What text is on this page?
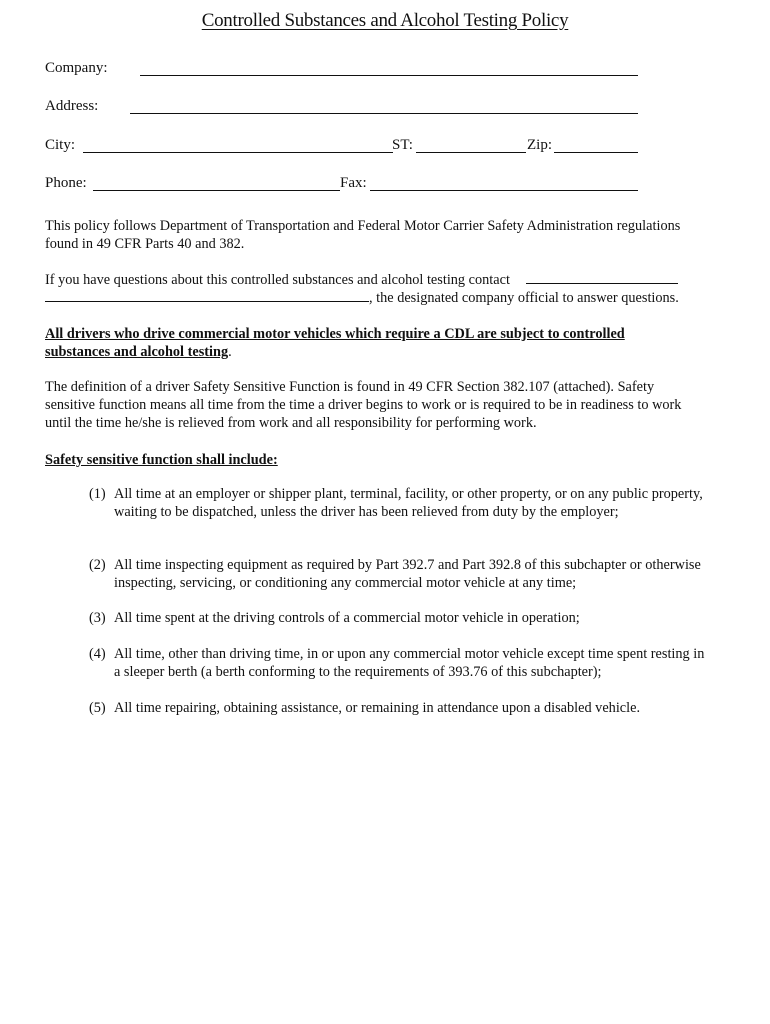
Controlled Substances and Alcohol Testing Policy
Company:
Address:
City:	ST:	Zip:
Phone:	Fax:
This policy follows Department of Transportation and Federal Motor Carrier Safety Administration regulations found in 49 CFR Parts 40 and 382.
If you have questions about this controlled substances and alcohol testing contact
, the designated company official to answer questions.
All drivers who drive commercial motor vehicles which require a CDL are subject to controlled substances and alcohol testing.
The definition of a driver Safety Sensitive Function is found in 49 CFR Section 382.107 (attached). Safety sensitive function means all time from the time a driver begins to work or is required to be in readiness to work until the time he/she is relieved from work and all responsibility for performing work.
Safety sensitive function shall include:
(1) All time at an employer or shipper plant, terminal, facility, or other property, or on any public property, waiting to be dispatched, unless the driver has been relieved from duty by the employer;
(2) All time inspecting equipment as required by Part 392.7 and Part 392.8 of this subchapter or otherwise inspecting, servicing, or conditioning any commercial motor vehicle at any time;
(3) All time spent at the driving controls of a commercial motor vehicle in operation;
(4) All time, other than driving time, in or upon any commercial motor vehicle except time spent resting in a sleeper berth (a berth conforming to the requirements of 393.76 of this subchapter);
(5) All time repairing, obtaining assistance, or remaining in attendance upon a disabled vehicle.
